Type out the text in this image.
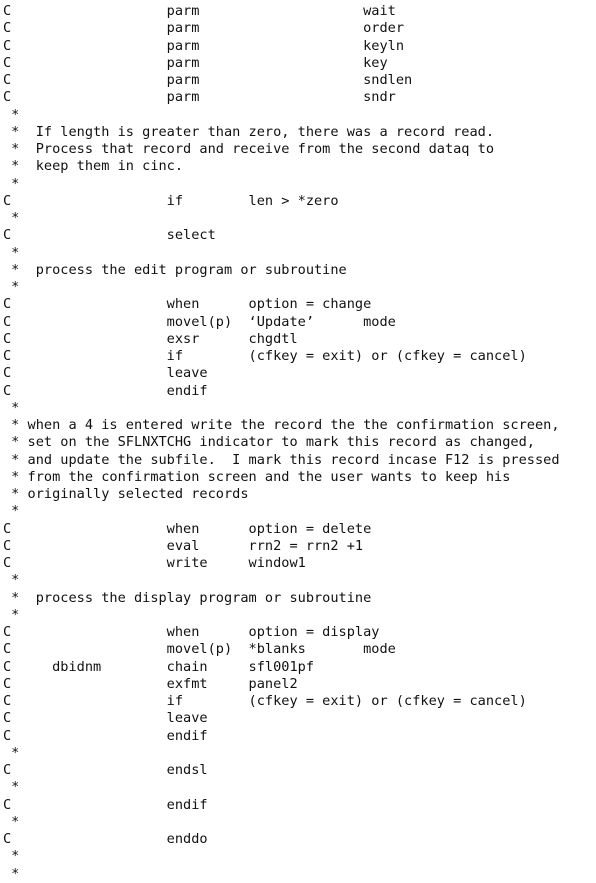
C                   parm                    wait
C                   parm                    order
C                   parm                    keyln
C                   parm                    key
C                   parm                    sndlen
C                   parm                    sndr
*
*  If length is greater than zero, there was a record read.
*  Process that record and receive from the second dataq to
*  keep them in cinc.
*
C                   if        len > *zero
*
C                   select
*
*  process the edit program or subroutine
*
C                   when      option = change
C                   movel(p)  ‘Update’      mode
C                   exsr      chgdtl
C                   if        (cfkey = exit) or (cfkey = cancel)
C                   leave
C                   endif
*
* when a 4 is entered write the record the the confirmation screen,
* set on the SFLNXTCHG indicator to mark this record as changed,
* and update the subfile.  I mark this record incase F12 is pressed
* from the confirmation screen and the user wants to keep his
* originally selected records
*
C                   when      option = delete
C                   eval      rrn2 = rrn2 +1
C                   write     window1
*
*  process the display program or subroutine
*
C                   when      option = display
C                   movel(p)  *blanks       mode
C     dbidnm        chain     sfl001pf
C                   exfmt     panel2
C                   if        (cfkey = exit) or (cfkey = cancel)
C                   leave
C                   endif
*
C                   endsl
*
C                   endif
*
C                   enddo
*
*
